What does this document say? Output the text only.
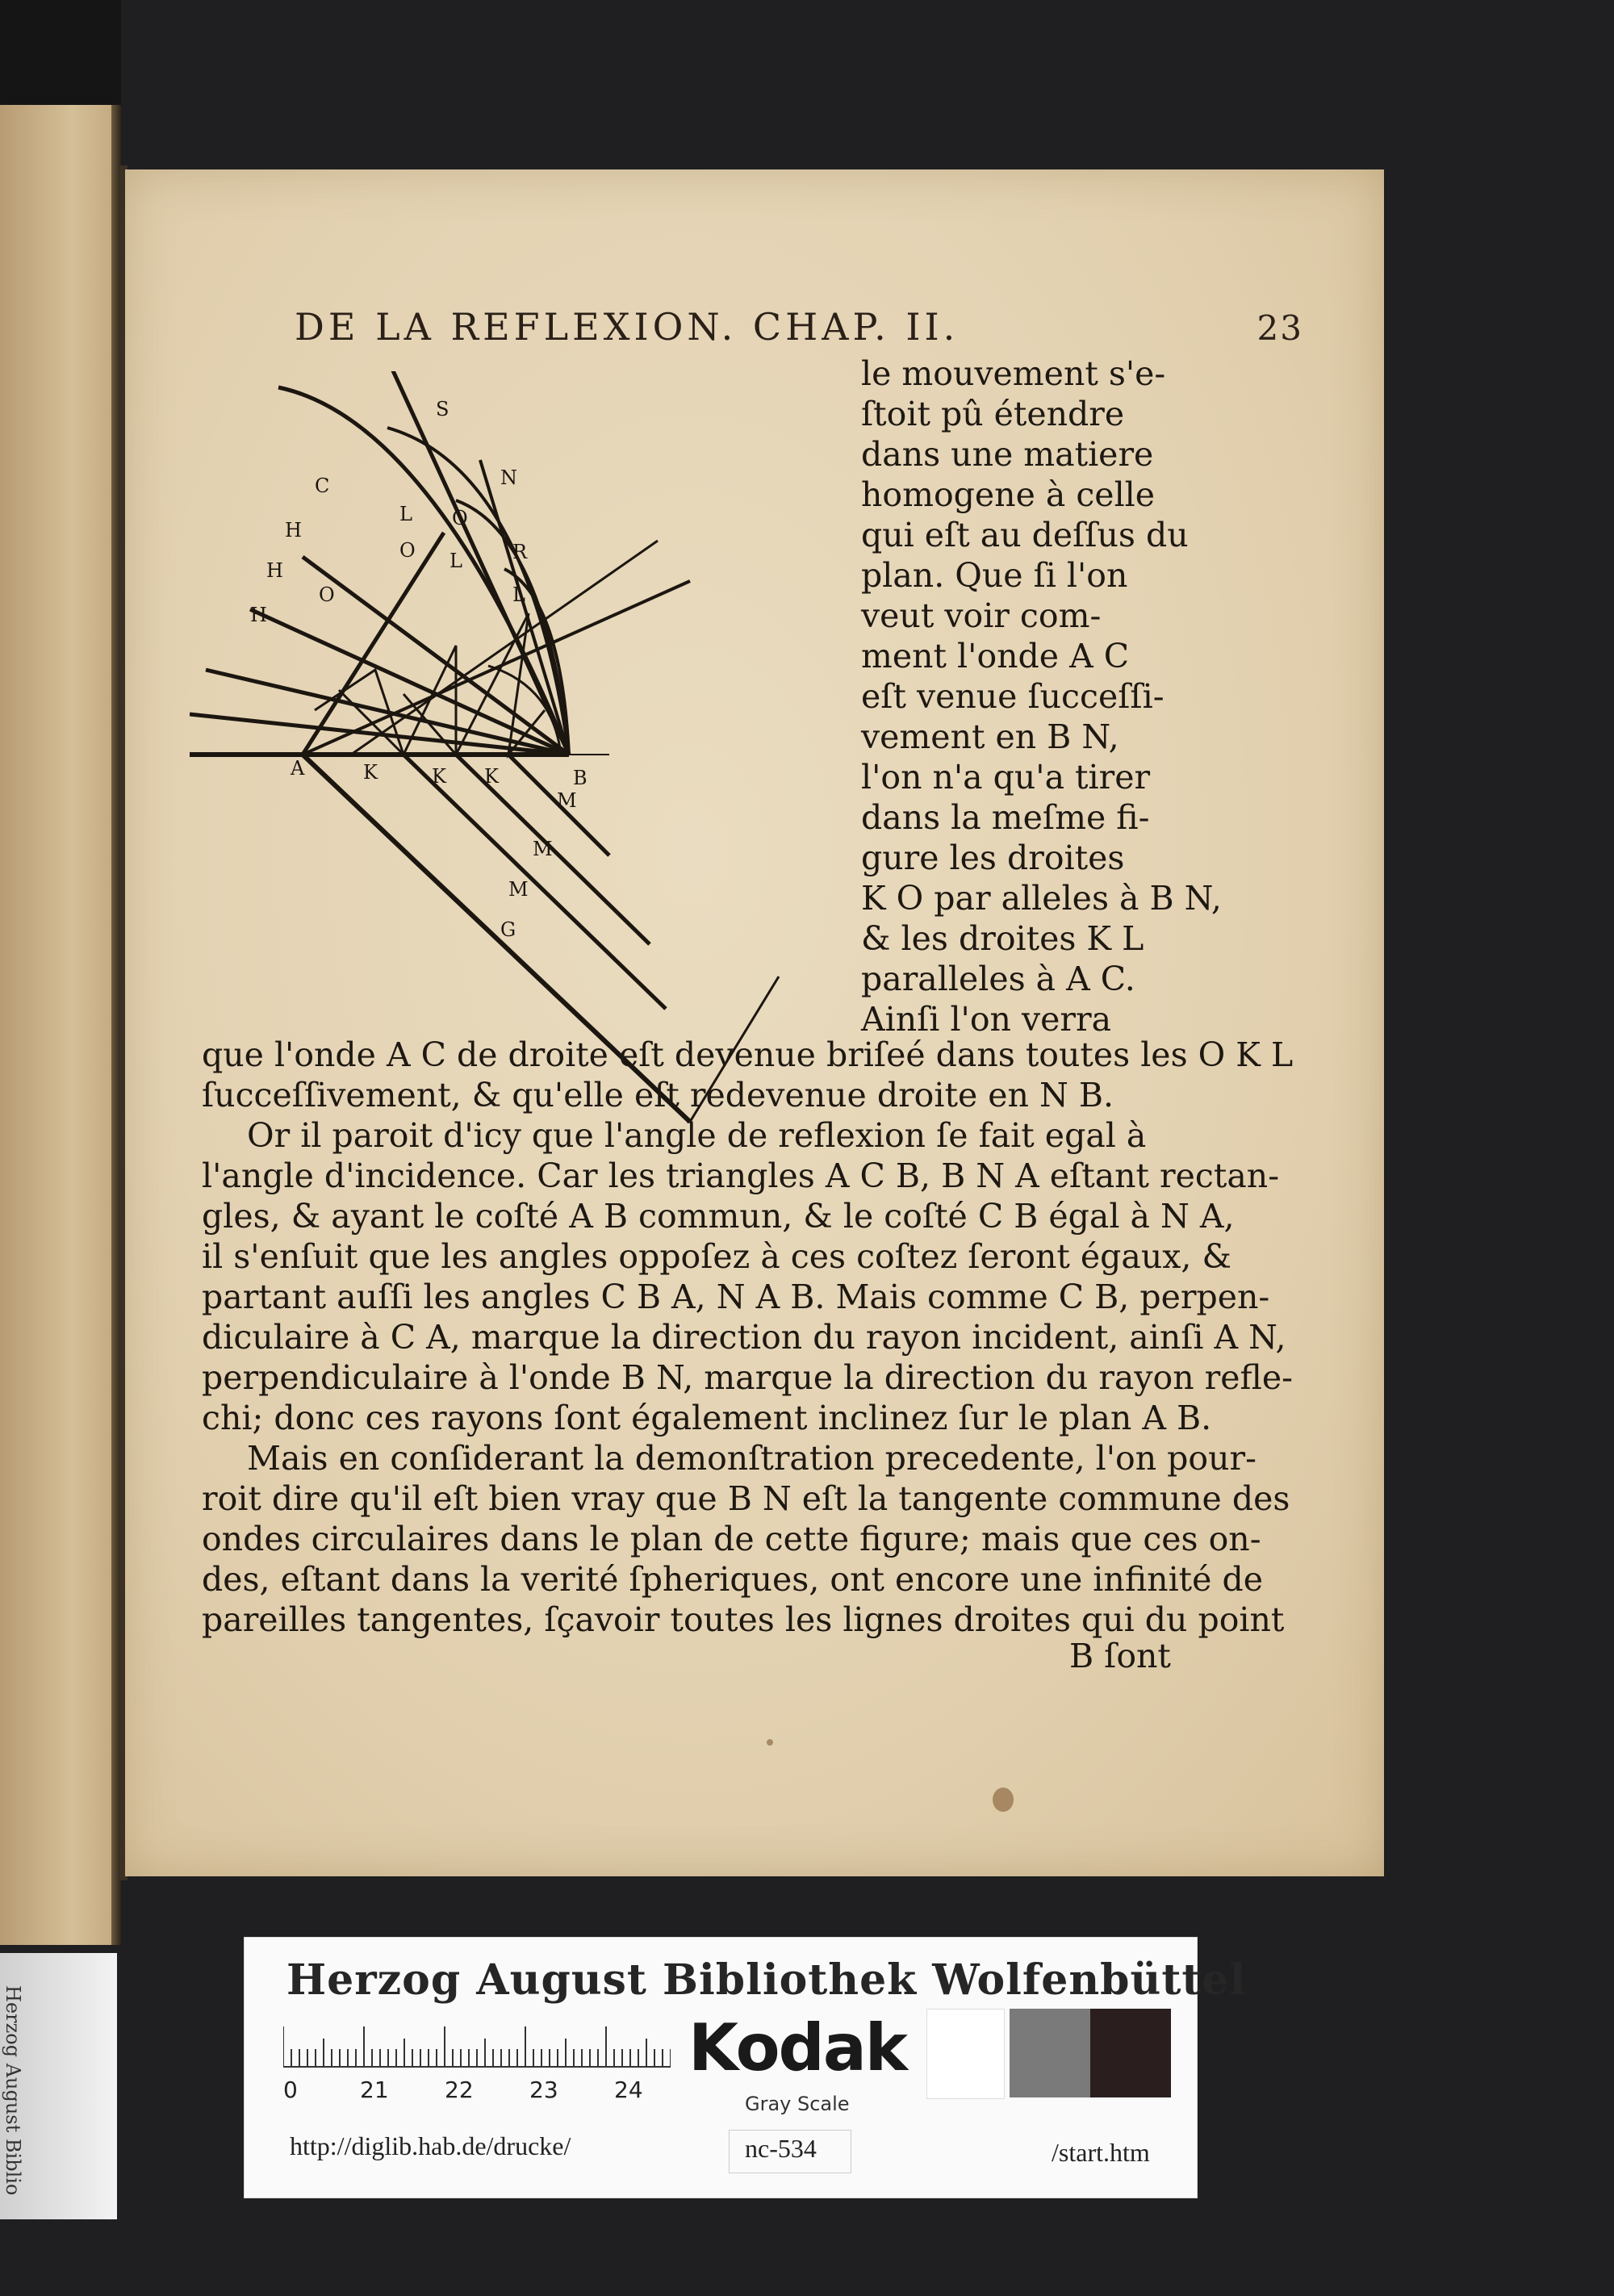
Herzog August Biblio
DE LA REFLEXION. CHAP. II.	23
S
N
C
L O
H
O L	R
H
O	L
H
A	K	K K	B
M
M
M
G
le mouvement s'e-
ſtoit pû étendre
dans une matiere
homogene à celle
qui eſt au deſſus du
plan. Que ſi l'on
veut voir com-
ment l'onde A C
eſt venue ſucceſſi-
vement en B N,
l'on n'a qu'a tirer
dans la meſme fi-
gure les droites
K O par alleles à B N,
& les droites K L
paralleles à A C.
Ainſi l'on verra
que l'onde A C de droite eſt devenue briſeé dans toutes les O K L
ſucceſſivement, & qu'elle eſt redevenue droite en N B.
Or il paroit d'icy que l'angle de reflexion ſe fait egal à
l'angle d'incidence. Car les triangles A C B, B N A eſtant rectan-
gles, & ayant le coſté A B commun, & le coſté C B égal à N A,
il s'enſuit que les angles oppoſez à ces coſtez ſeront égaux, &
partant auſſi les angles C B A, N A B. Mais comme C B, perpen-
diculaire à C A, marque la direction du rayon incident, ainſi A N,
perpendiculaire à l'onde B N, marque la direction du rayon refle-
chi; donc ces rayons ſont également inclinez ſur le plan A B.
Mais en conſiderant la demonſtration precedente, l'on pour-
roit dire qu'il eſt bien vray que B N eſt la tangente commune des
ondes circulaires dans le plan de cette figure; mais que ces on-
des, eſtant dans la verité ſpheriques, ont encore une infinité de
pareilles tangentes, ſçavoir toutes les lignes droites qui du point
B ſont
Herzog August Bibliothek Wolfenbüttel
0	21 22 23 24
Kodak
Gray Scale
http://diglib.hab.de/drucke/	nc-534	/start.htm
